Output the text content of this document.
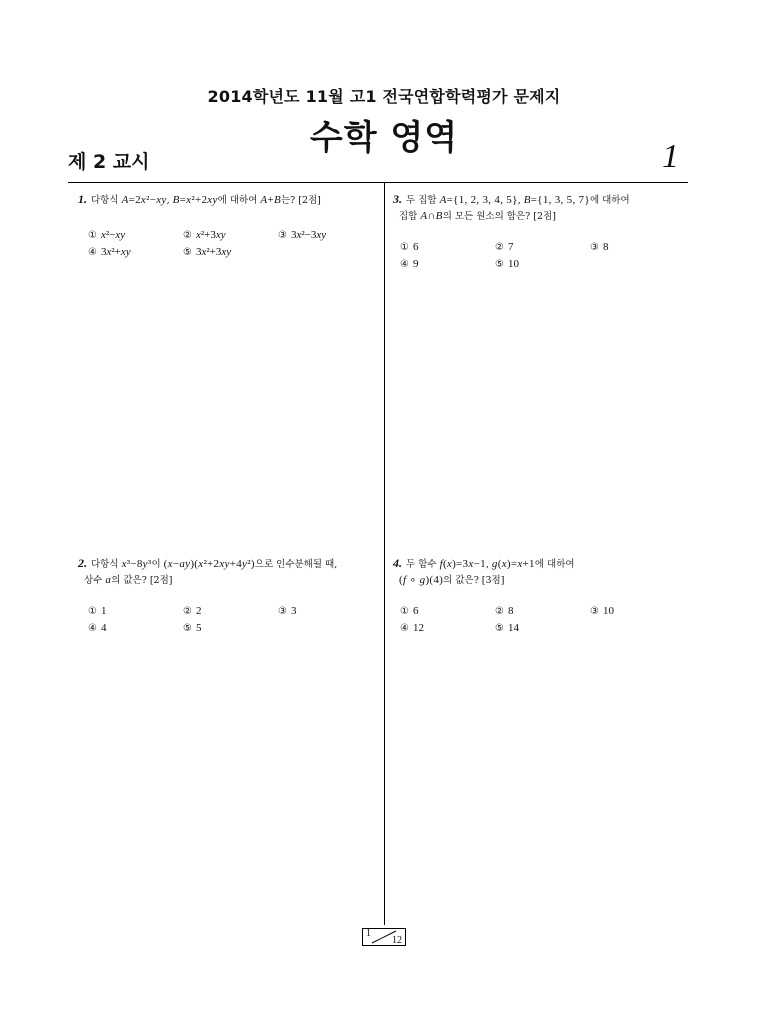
2014학년도 11월 고1 전국연합학력평가 문제지
수학 영역
제 2 교시	1
1. 다항식 A=2x²−xy, B=x²+2xy에 대하여 A+B는? [2점]
① x²−xy	② x²+3xy	③ 3x²−3xy
④ 3x²+xy	⑤ 3x²+3xy
3. 두 집합 A={1, 2, 3, 4, 5}, B={1, 3, 5, 7}에 대하여
집합 A∩B의 모든 원소의 합은? [2점]
① 6	② 7	③ 8
④ 9	⑤ 10
2. 다항식 x³−8y³이 (x−ay)(x²+2xy+4y²)으로 인수분해될 때,
상수 a의 값은? [2점]
① 1	② 2	③ 3
④ 4	⑤ 5
4. 두 함수 f(x)=3x−1, g(x)=x+1에 대하여
(f ∘ g)(4)의 값은? [3점]
① 6	② 8	③ 10
④ 12	⑤ 14
1
12
